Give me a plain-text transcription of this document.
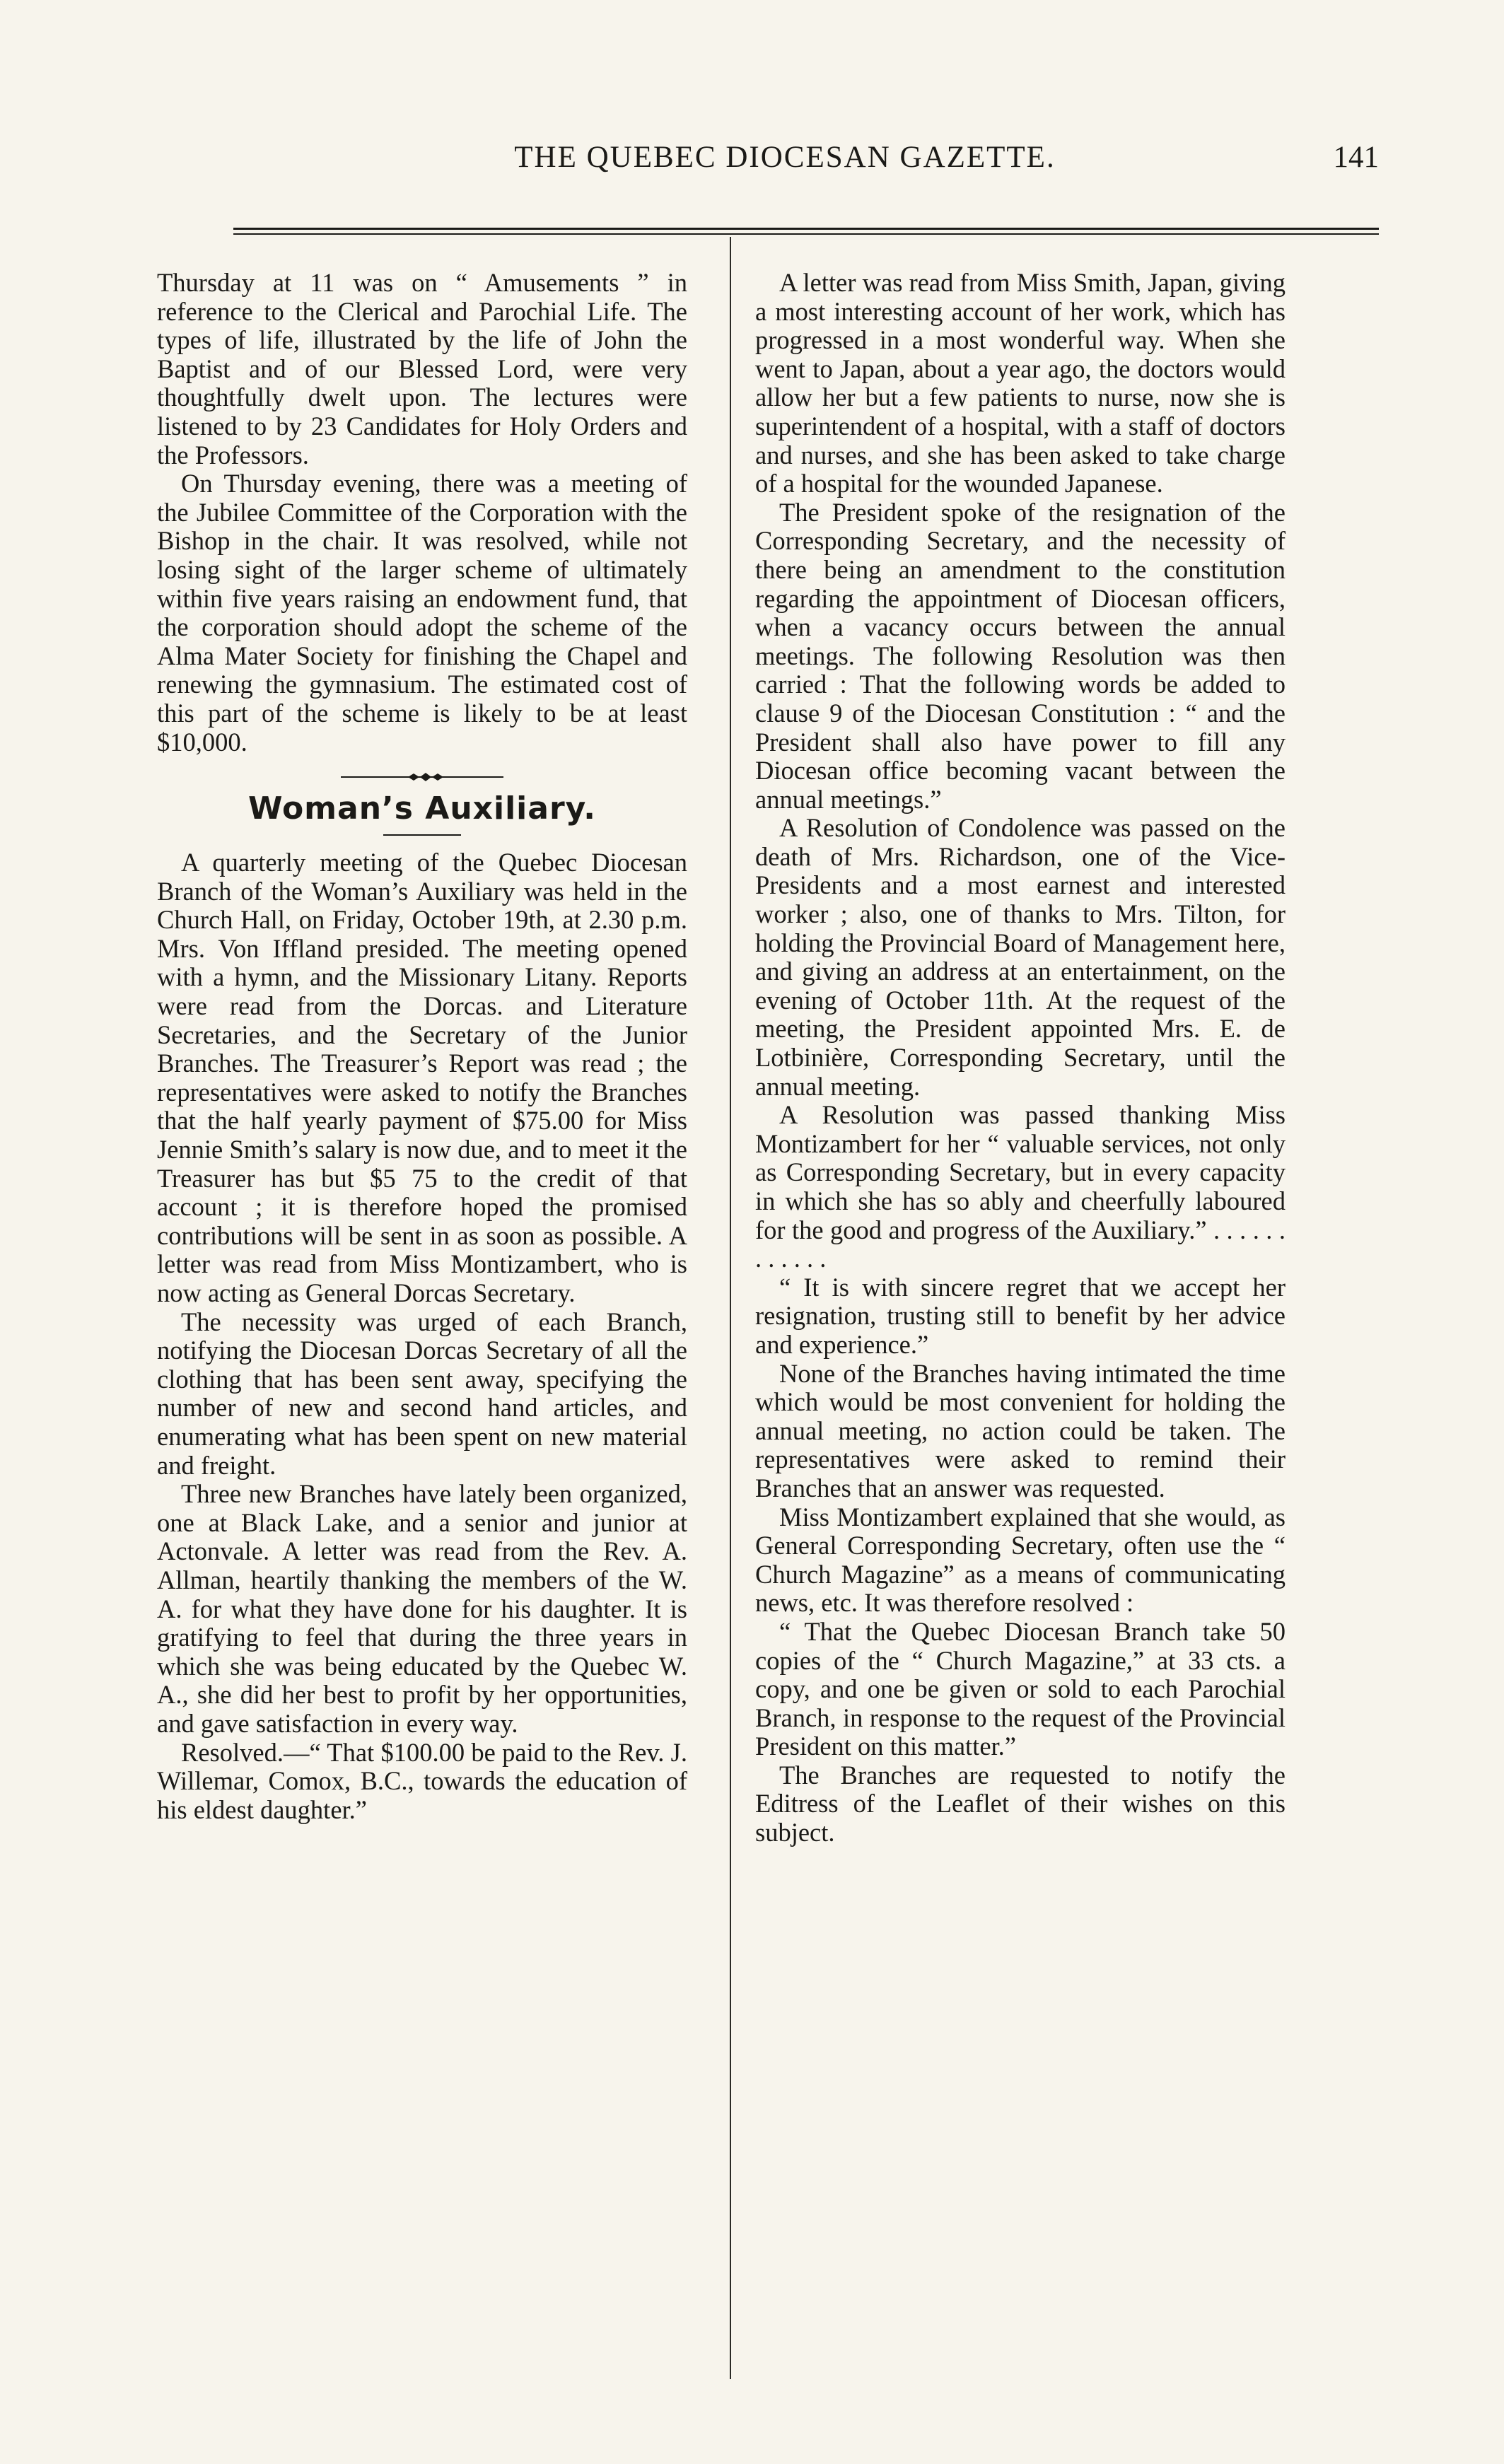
THE QUEBEC DIOCESAN GAZETTE.	141

Thursday at 11 was on “ Amusements ” in reference to the Clerical and Parochial Life. The types of life, illustrated by the life of John the Baptist and of our Blessed Lord, were very thoughtfully dwelt upon. The lectures were listened to by 23 Candidates for Holy Orders and the Professors.

On Thursday evening, there was a meeting of the Jubilee Committee of the Corporation with the Bishop in the chair. It was resolved, while not losing sight of the larger scheme of ultimately within five years raising an endowment fund, that the corporation should adopt the scheme of the Alma Mater Society for finishing the Chapel and renewing the gymnasium. The estimated cost of this part of the scheme is likely to be at least $10,000.

Woman’s Auxiliary.

A quarterly meeting of the Quebec Diocesan Branch of the Woman’s Auxiliary was held in the Church Hall, on Friday, October 19th, at 2.30 p.m. Mrs. Von Iffland presided. The meeting opened with a hymn, and the Missionary Litany. Reports were read from the Dorcas. and Literature Secretaries, and the Secretary of the Junior Branches. The Treasurer’s Report was read ; the representatives were asked to notify the Branches that the half yearly payment of $75.00 for Miss Jennie Smith’s salary is now due, and to meet it the Treasurer has but $5 75 to the credit of that account ; it is therefore hoped the promised contributions will be sent in as soon as possible. A letter was read from Miss Montizambert, who is now acting as General Dorcas Secretary.

The necessity was urged of each Branch, notifying the Diocesan Dorcas Secretary of all the clothing that has been sent away, specifying the number of new and second hand articles, and enumerating what has been spent on new material and freight.

Three new Branches have lately been organized, one at Black Lake, and a senior and junior at Actonvale. A letter was read from the Rev. A. Allman, heartily thanking the members of the W. A. for what they have done for his daughter. It is gratifying to feel that during the three years in which she was being educated by the Quebec W. A., she did her best to profit by her opportunities, and gave satisfaction in every way.

Resolved.—“ That $100.00 be paid to the Rev. J. Willemar, Comox, B.C., towards the education of his eldest daughter.”

A letter was read from Miss Smith, Japan, giving a most interesting account of her work, which has progressed in a most wonderful way. When she went to Japan, about a year ago, the doctors would allow her but a few patients to nurse, now she is superintendent of a hospital, with a staff of doctors and nurses, and she has been asked to take charge of a hospital for the wounded Japanese.

The President spoke of the resignation of the Corresponding Secretary, and the necessity of there being an amendment to the constitution regarding the appointment of Diocesan officers, when a vacancy occurs between the annual meetings. The following Resolution was then carried : That the following words be added to clause 9 of the Diocesan Constitution : “ and the President shall also have power to fill any Diocesan office becoming vacant between the annual meetings.”

A Resolution of Condolence was passed on the death of Mrs. Richardson, one of the Vice-Presidents and a most earnest and interested worker ; also, one of thanks to Mrs. Tilton, for holding the Provincial Board of Management here, and giving an address at an entertainment, on the evening of October 11th. At the request of the meeting, the President appointed Mrs. E. de Lotbinière, Corresponding Secretary, until the annual meeting.

A Resolution was passed thanking Miss Montizambert for her “ valuable services, not only as Corresponding Secretary, but in every capacity in which she has so ably and cheerfully laboured for the good and progress of the Auxiliary.” . . . . . . . . . . . .

“ It is with sincere regret that we accept her resignation, trusting still to benefit by her advice and experience.”

None of the Branches having intimated the time which would be most convenient for holding the annual meeting, no action could be taken. The representatives were asked to remind their Branches that an answer was requested.

Miss Montizambert explained that she would, as General Corresponding Secretary, often use the “ Church Magazine” as a means of communicating news, etc. It was therefore resolved :

“ That the Quebec Diocesan Branch take 50 copies of the “ Church Magazine,” at 33 cts. a copy, and one be given or sold to each Parochial Branch, in response to the request of the Provincial President on this matter.”

The Branches are requested to notify the Editress of the Leaflet of their wishes on this subject.
